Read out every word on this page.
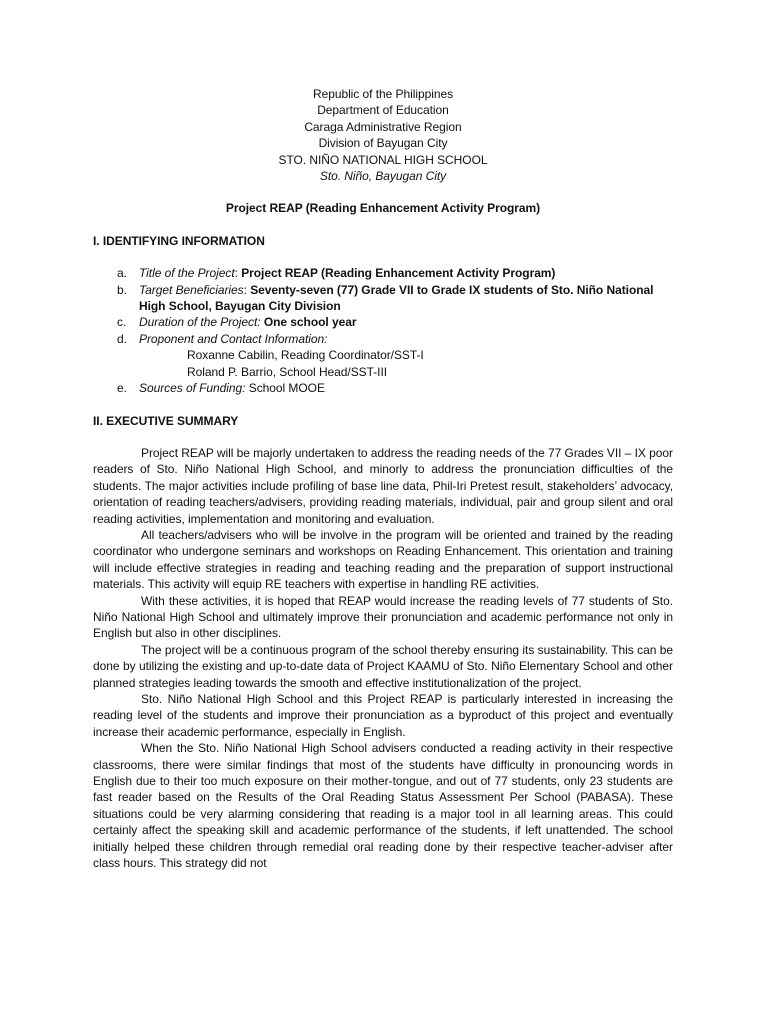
Republic of the Philippines
Department of Education
Caraga Administrative Region
Division of Bayugan City
STO. NIÑO NATIONAL HIGH SCHOOL
Sto. Niño, Bayugan City
Project REAP (Reading Enhancement Activity Program)
I. IDENTIFYING INFORMATION
a. Title of the Project: Project REAP (Reading Enhancement Activity Program)
b. Target Beneficiaries: Seventy-seven (77) Grade VII to Grade IX students of Sto. Niño National High School, Bayugan City Division
c. Duration of the Project: One school year
d. Proponent and Contact Information:
Roxanne Cabilin, Reading Coordinator/SST-I
Roland P. Barrio, School Head/SST-III
e. Sources of Funding: School MOOE
II. EXECUTIVE SUMMARY

Project REAP will be majorly undertaken to address the reading needs of the 77 Grades VII – IX poor readers of Sto. Niño National High School, and minorly to address the pronunciation difficulties of the students. The major activities include profiling of base line data, Phil-Iri Pretest result, stakeholders’ advocacy, orientation of reading teachers/advisers, providing reading materials, individual, pair and group silent and oral reading activities, implementation and monitoring and evaluation.

All teachers/advisers who will be involve in the program will be oriented and trained by the reading coordinator who undergone seminars and workshops on Reading Enhancement. This orientation and training will include effective strategies in reading and teaching reading and the preparation of support instructional materials. This activity will equip RE teachers with expertise in handling RE activities.

With these activities, it is hoped that REAP would increase the reading levels of 77 students of Sto. Niño National High School and ultimately improve their pronunciation and academic performance not only in English but also in other disciplines.

The project will be a continuous program of the school thereby ensuring its sustainability. This can be done by utilizing the existing and up-to-date data of Project KAAMU of Sto. Niño Elementary School and other planned strategies leading towards the smooth and effective institutionalization of the project.

Sto. Niño National High School and this Project REAP is particularly interested in increasing the reading level of the students and improve their pronunciation as a byproduct of this project and eventually increase their academic performance, especially in English.

When the Sto. Niño National High School advisers conducted a reading activity in their respective classrooms, there were similar findings that most of the students have difficulty in pronouncing words in English due to their too much exposure on their mother-tongue, and out of 77 students, only 23 students are fast reader based on the Results of the Oral Reading Status Assessment Per School (PABASA). These situations could be very alarming considering that reading is a major tool in all learning areas. This could certainly affect the speaking skill and academic performance of the students, if left unattended. The school initially helped these children through remedial oral reading done by their respective teacher-adviser after class hours. This strategy did not
